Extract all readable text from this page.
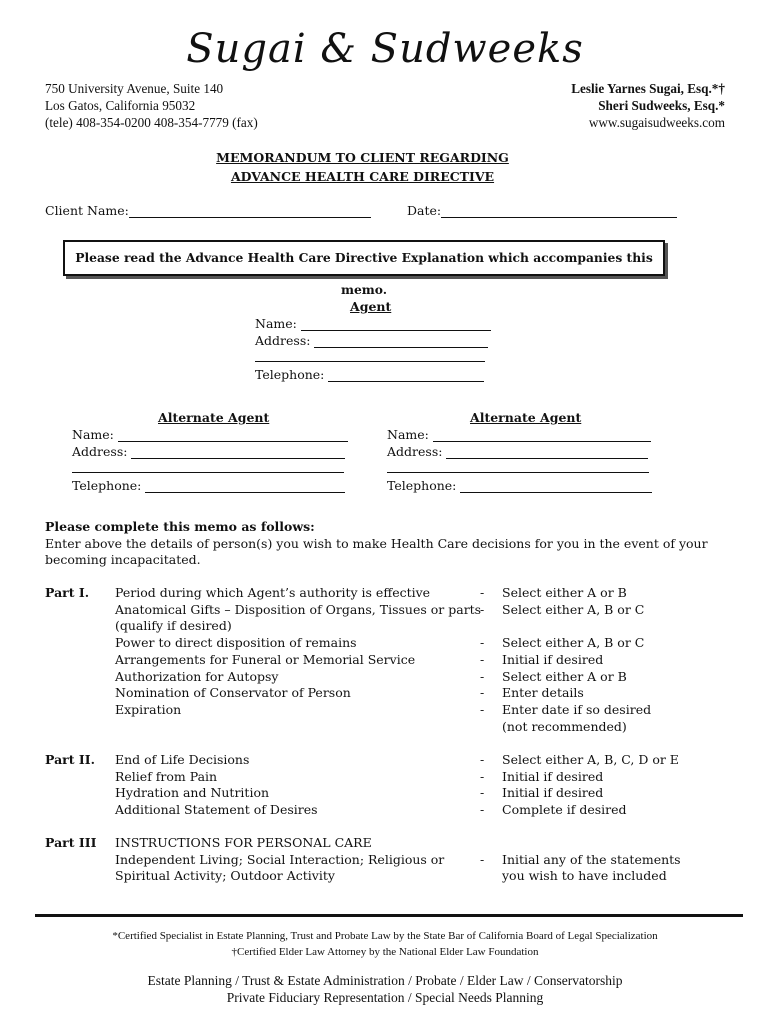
Sugai & Sudweeks
750 University Avenue, Suite 140
Los Gatos, California 95032
(tele) 408-354-0200 408-354-7779 (fax)
Leslie Yarnes Sugai, Esq.*†
Sheri Sudweeks, Esq.*
www.sugaisudweeks.com
MEMORANDUM TO CLIENT REGARDING
ADVANCE HEALTH CARE DIRECTIVE
Client Name:	Date:
Please read the Advance Health Care Directive Explanation which accompanies this memo.
Agent
Name:
Address:
Telephone:
Alternate Agent
Name:
Address:
Telephone:
Alternate Agent
Name:
Address:
Telephone:
Please complete this memo as follows:
Enter above the details of person(s) you wish to make Health Care decisions for you in the event of your
becoming incapacitated.
Part I. Period during which Agent’s authority is effective
Anatomical Gifts – Disposition of Organs, Tissues or parts
(qualify if desired)
Power to direct disposition of remains
Arrangements for Funeral or Memorial Service
Authorization for Autopsy
Nomination of Conservator of Person
Expiration
-
-
-
-
-
-
-
Select either A or B
Select either A, B or C
Select either A, B or C
Initial if desired
Select either A or B
Enter details
Enter date if so desired
(not recommended)
Part II. End of Life Decisions
Relief from Pain
Hydration and Nutrition
Additional Statement of Desires
-
-
-
-
Select either A, B, C, D or E
Initial if desired
Initial if desired
Complete if desired
Part III INSTRUCTIONS FOR PERSONAL CARE
Independent Living; Social Interaction; Religious or
Spiritual Activity; Outdoor Activity
- Initial any of the statements
you wish to have included
*Certified Specialist in Estate Planning, Trust and Probate Law by the State Bar of California Board of Legal Specialization
†Certified Elder Law Attorney by the National Elder Law Foundation
Estate Planning / Trust & Estate Administration / Probate / Elder Law / Conservatorship
Private Fiduciary Representation / Special Needs Planning
